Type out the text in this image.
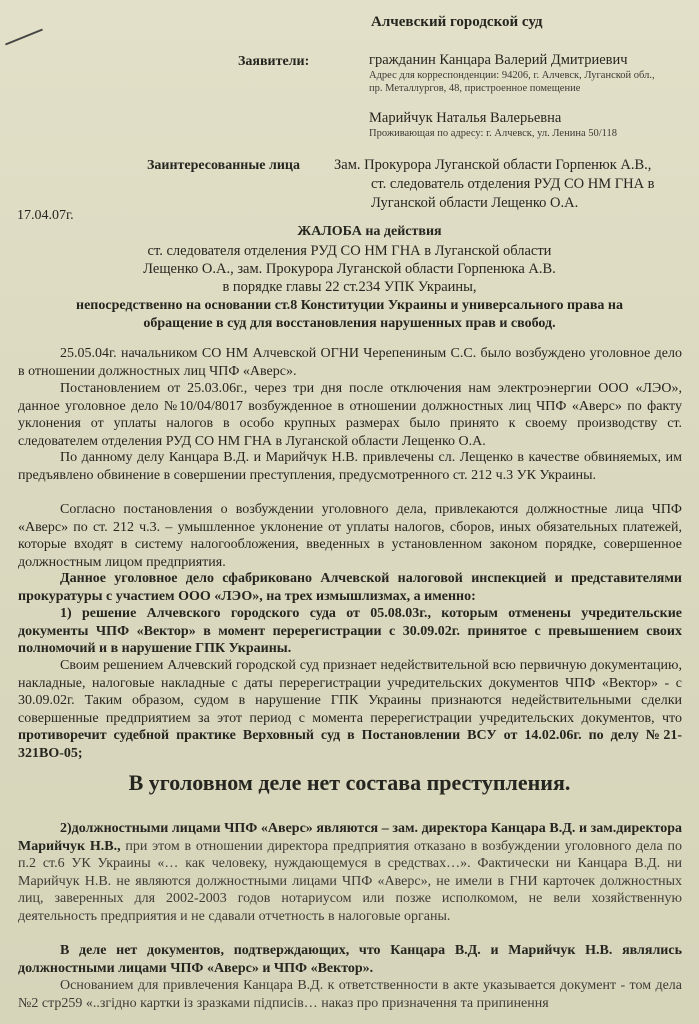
Алчевский городской суд
Заявители:	гражданин Канцара Валерий Дмитриевич
Адрес для корреспонденции: 94206, г. Алчевск, Луганской обл.,
пр. Металлургов, 48, пристроенное помещение
Марийчук Наталья Валерьевна
Проживающая по адресу: г. Алчевск, ул. Ленина 50/118
Заинтересованные лица Зам. Прокурора Луганской области Горпенюк А.В.,
ст. следователь отделения РУД СО НМ ГНА в
Луганской области Лещенко О.А.
17.04.07г.
ЖАЛОБА на действия
ст. следователя отделения РУД СО НМ ГНА в Луганской области
Лещенко О.А., зам. Прокурора Луганской области Горпенюка А.В.
в порядке главы 22 ст.234 УПК Украины,
непосредственно на основании ст.8 Конституции Украины и универсального права на
обращение в суд для восстановления нарушенных прав и свобод.

25.05.04г. начальником СО НМ Алчевской ОГНИ Черепениным С.С. было возбуждено уголовное дело в отношении должностных лиц ЧПФ «Аверс».

Постановлением от 25.03.06г., через три дня после отключения нам электроэнергии ООО «ЛЭО», данное уголовное дело №10/04/8017 возбужденное в отношении должностных лиц ЧПФ «Аверс» по факту уклонения от уплаты налогов в особо крупных размерах было принято к своему производству ст. следователем отделения РУД СО НМ ГНА в Луганской области Лещенко О.А.

По данному делу Канцара В.Д. и Марийчук Н.В. привлечены сл. Лещенко в качестве обвиняемых, им предъявлено обвинение в совершении преступления, предусмотренного ст. 212 ч.3 УК Украины.

Согласно постановления о возбуждении уголовного дела, привлекаются должностные лица ЧПФ «Аверс» по ст. 212 ч.3. – умышленное уклонение от уплаты налогов, сборов, иных обязательных платежей, которые входят в систему налогообложения, введенных в установленном законом порядке, совершенное должностным лицом предприятия.

Данное уголовное дело сфабриковано Алчевской налоговой инспекцией и представителями прокуратуры с участием ООО «ЛЭО», на трех измышлизмах, а именно:

1) решение Алчевского городского суда от 05.08.03г., которым отменены учредительские документы ЧПФ «Вектор» в момент перерегистрации с 30.09.02г. принятое с превышением своих полномочий и в нарушение ГПК Украины.

Своим решением Алчевский городской суд признает недействительной всю первичную документацию, накладные, налоговые накладные с даты перерегистрации учредительских документов ЧПФ «Вектор» - с 30.09.02г. Таким образом, судом в нарушение ГПК Украины признаются недействительными сделки совершенные предприятием за этот период с момента перерегистрации учредительских документов, что противоречит судебной практике Верховный суд в Постановлении ВСУ от 14.02.06г. по делу №21-321ВО-05;

В уголовном деле нет состава преступления.

2)должностными лицами ЧПФ «Аверс» являются – зам. директора Канцара В.Д. и зам.директора Марийчук Н.В., при этом в отношении директора предприятия отказано в возбуждении уголовного дела по п.2 ст.6 УК Украины «… как человеку, нуждающемуся в средствах…». Фактически ни Канцара В.Д. ни Марийчук Н.В. не являются должностными лицами ЧПФ «Аверс», не имели в ГНИ карточек должностных лиц, заверенных для 2002-2003 годов нотариусом или позже исполкомом, не вели хозяйственную деятельность предприятия и не сдавали отчетность в налоговые органы.

В деле нет документов, подтверждающих, что Канцара В.Д. и Марийчук Н.В. являлись должностными лицами ЧПФ «Аверс» и ЧПФ «Вектор».

Основанием для привлечения Канцара В.Д. к ответственности в акте указывается документ - том дела №2 стр259 «..згідно картки із зразками підписів… наказ про призначення та припинення
